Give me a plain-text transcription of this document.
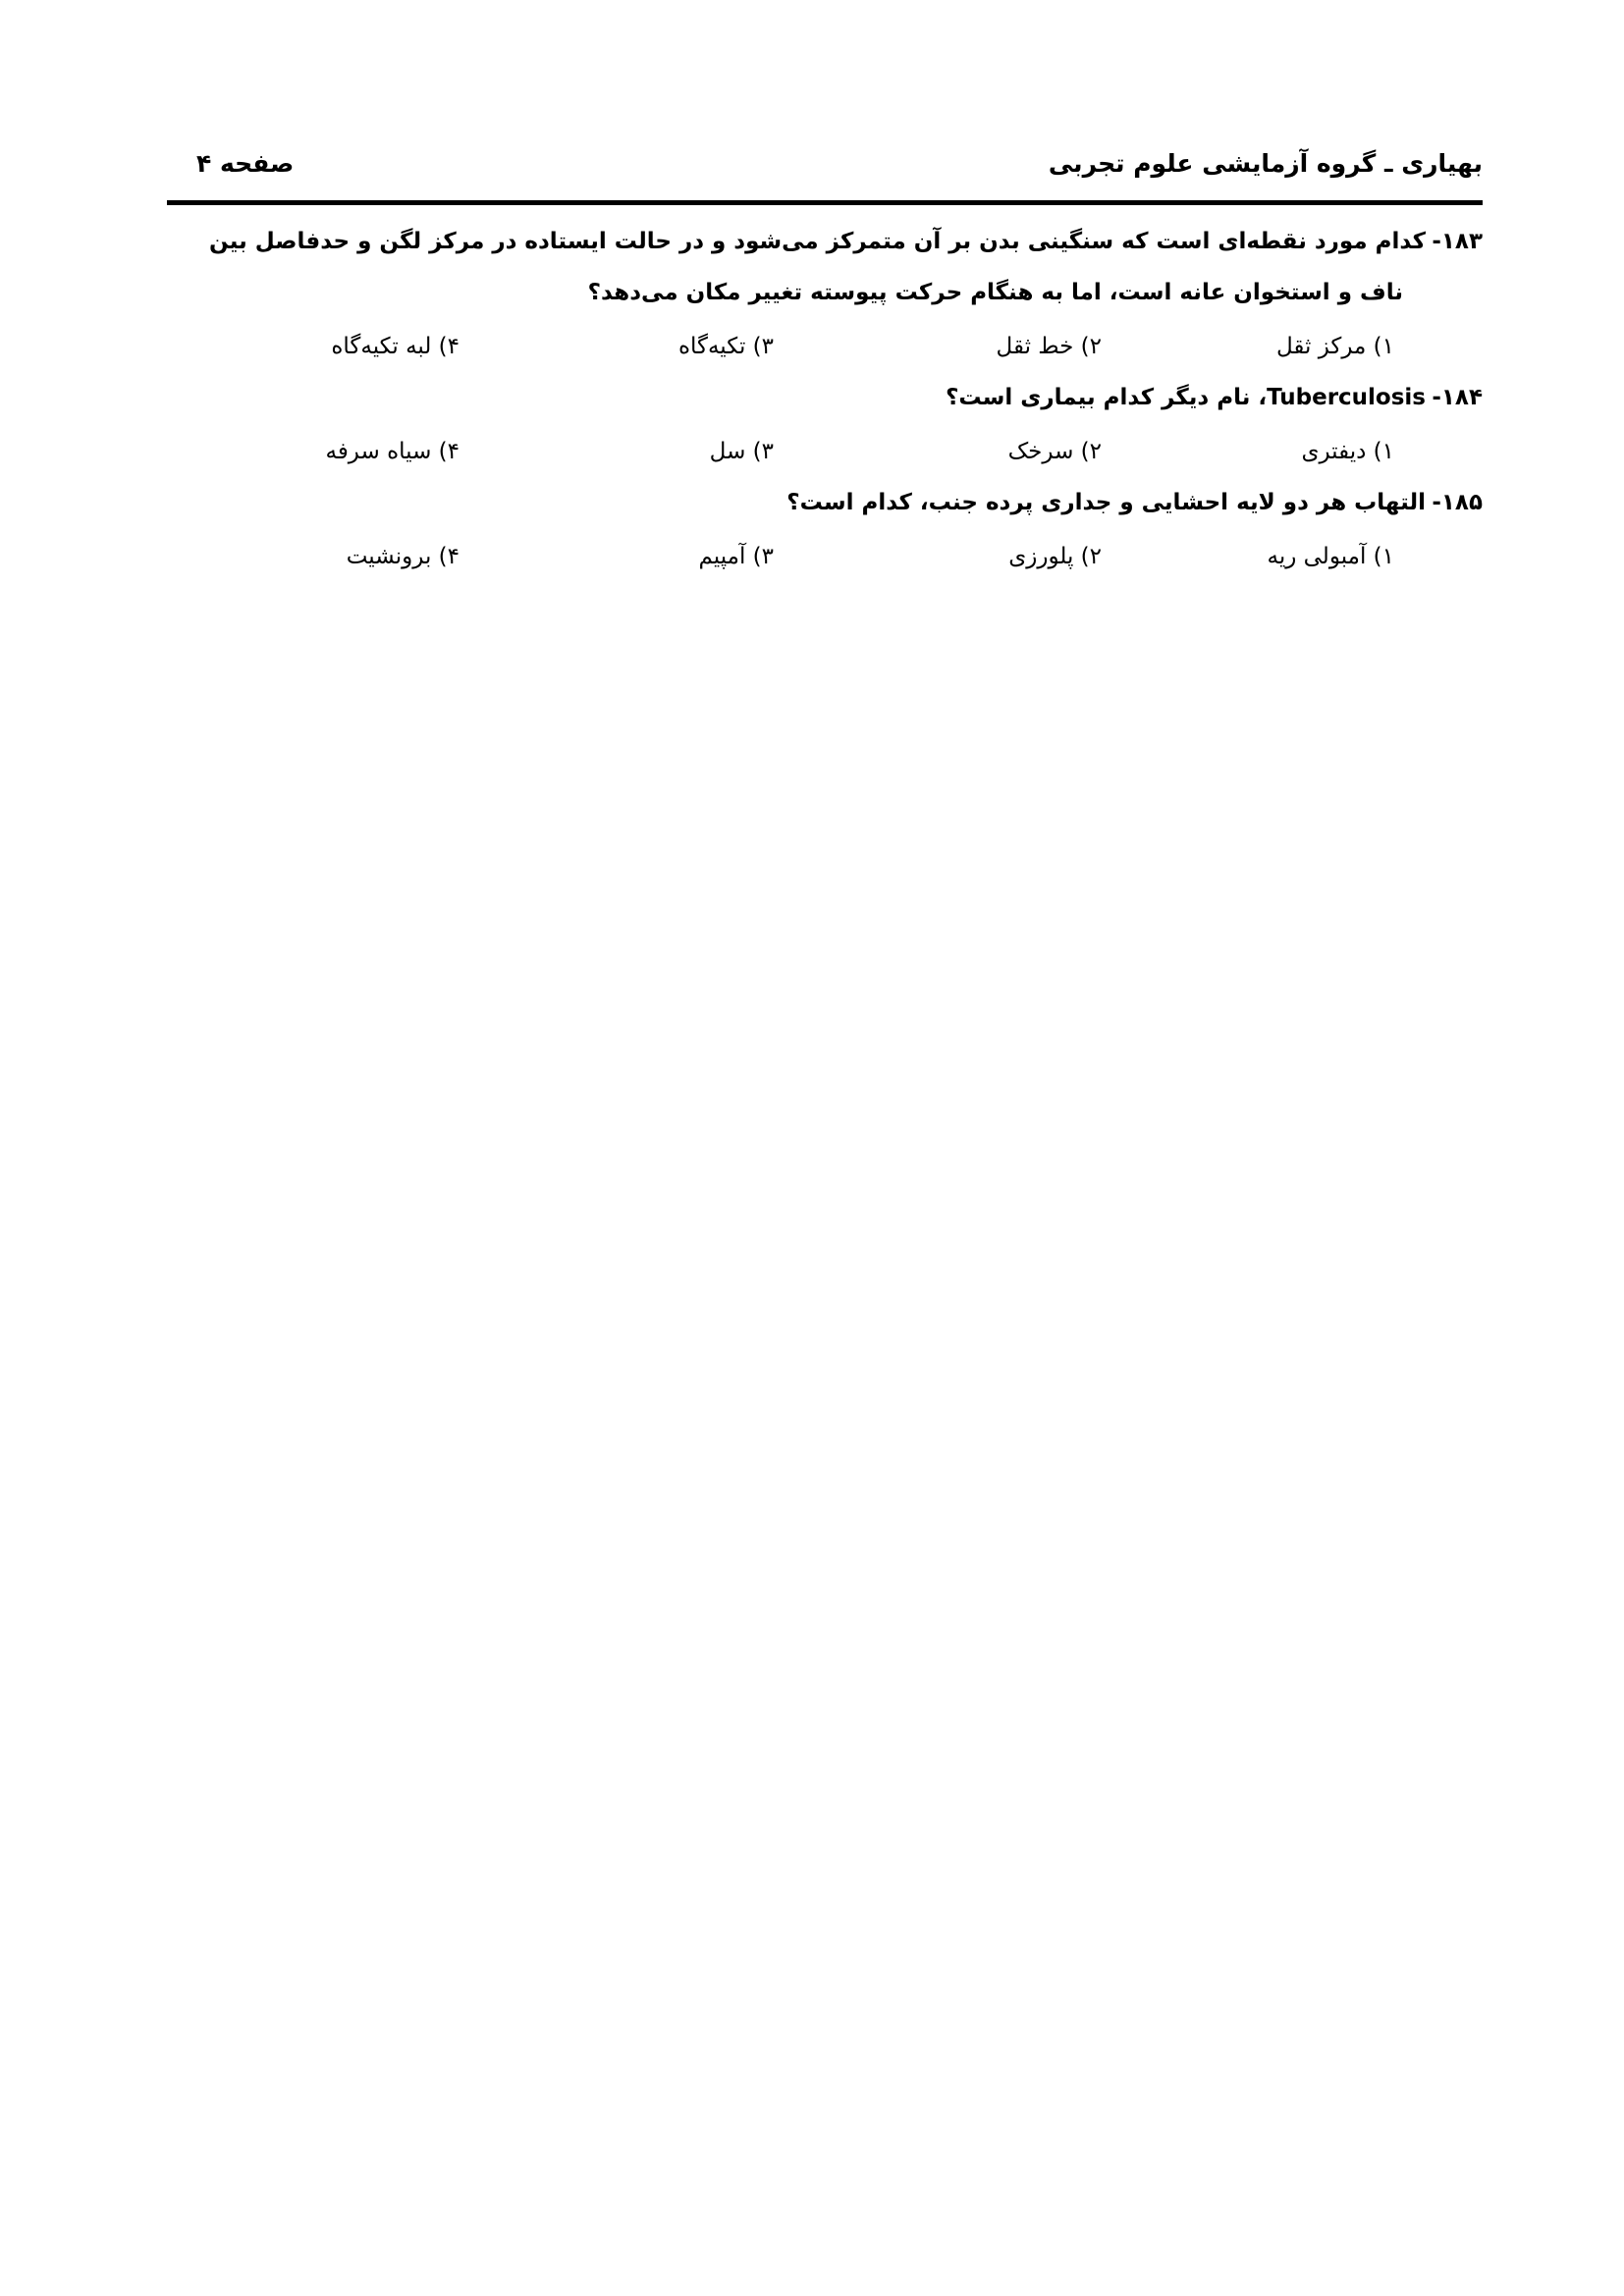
بهیاری ـ گروه آزمایشی علوم تجربی
صفحه ۴
۱۸۳-کدام مورد نقطه‌ای است که سنگینی بدن بر آن متمرکز می‌شود و در حالت ایستاده در مرکز لگن و حدفاصل بین
ناف و استخوان عانه است، اما به هنگام حرکت پیوسته تغییر مکان می‌دهد؟
۱) مرکز ثقل
۲) خط ثقل
۳) تکیه‌گاه
۴) لبه تکیه‌گاه
۱۸۴-Tuberculosis، نام دیگر کدام بیماری است؟
۱) دیفتری
۲) سرخک
۳) سل
۴) سیاه سرفه
۱۸۵-التهاب هر دو لایه احشایی و جداری پرده جنب، کدام است؟
۱) آمبولی ریه
۲) پلورزی
۳) آمپیم
۴) برونشیت
